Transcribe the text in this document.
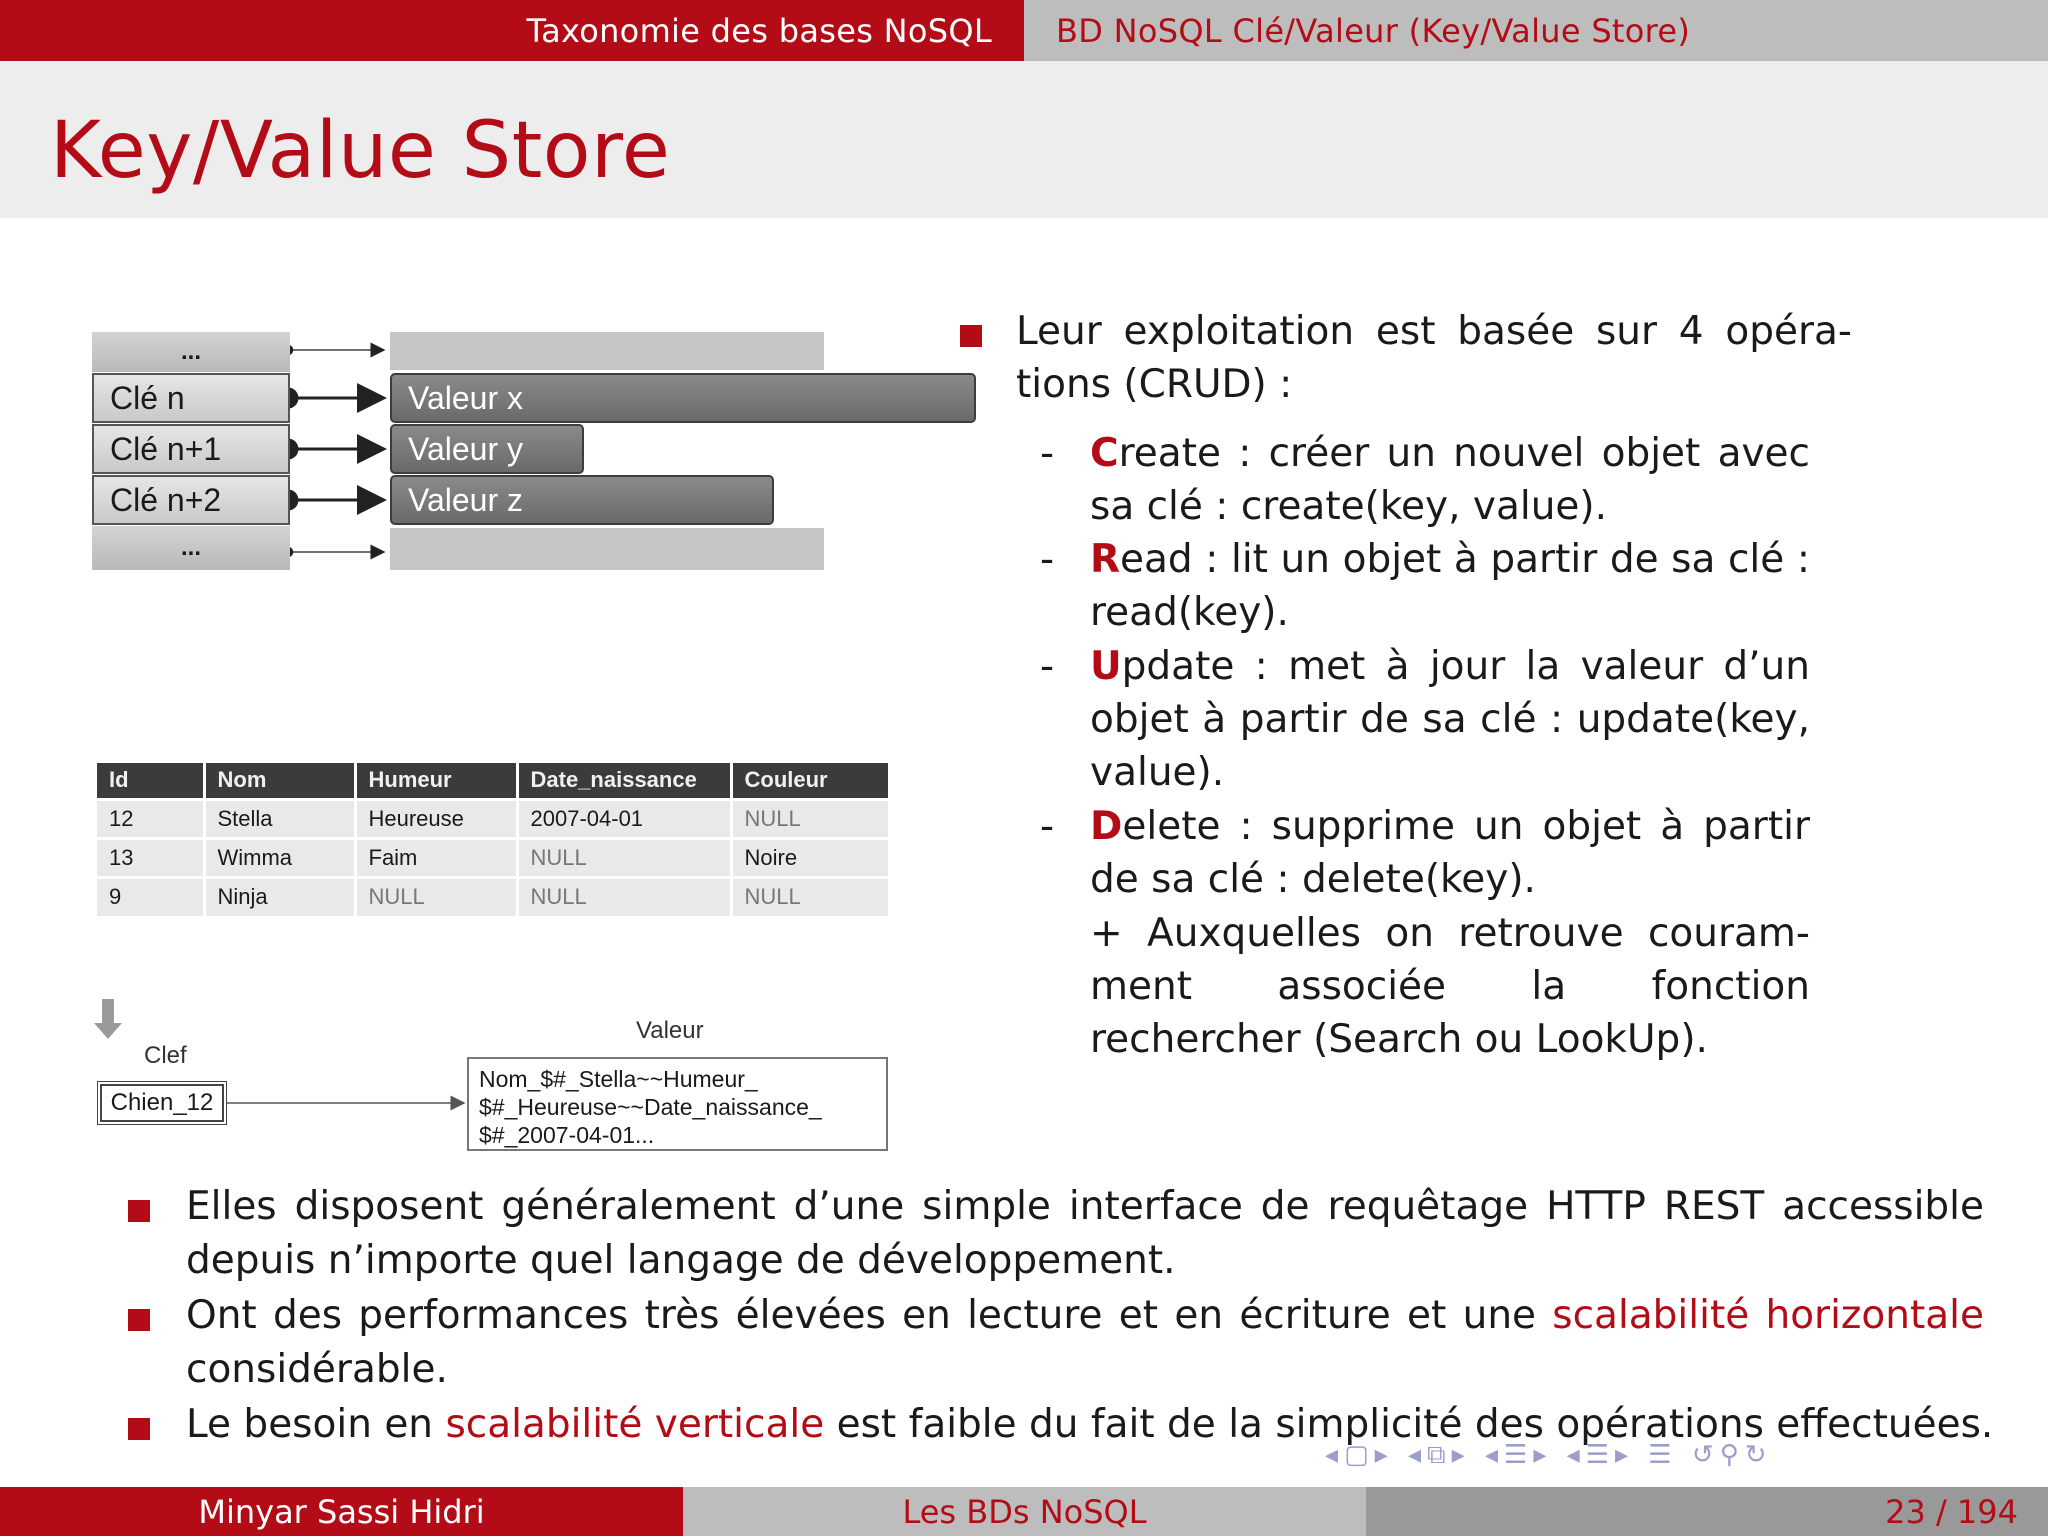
Taxonomie des bases NoSQL BD NoSQL Clé/Valeur (Key/Value Store)
Key/Value Store
...
Clé n
Clé n+1
Clé n+2
...
Valeur x
Valeur y
Valeur z
Id	Nom	Humeur	Date_naissance	Couleur
12	Stella	Heureuse	2007-04-01	NULL
13	Wimma	Faim	NULL	Noire
9	Ninja	NULL	NULL	NULL
Clef
Valeur
Chien_12
Nom_$#_Stella~~Humeur_
$#_Heureuse~~Date_naissance_
$#_2007-04-01...
Leur exploitation est basée sur 4 opéra- tions (CRUD) :
- Create : créer un nouvel objet avec sa clé : create(key, value).
- Read : lit un objet à partir de sa clé : read(key).
- Update : met à jour la valeur d’un objet à partir de sa clé : update(key, value).
- Delete : supprime un objet à partir de sa clé : delete(key).
+ Auxquelles on retrouve couram- ment associée la fonction rechercher (Search ou LookUp).
Elles disposent généralement d’une simple interface de requêtage HTTP REST accessible depuis n’importe quel langage de développement.
Ont des performances très élevées en lecture et en écriture et une scalabilité horizontale considérable.
Le besoin en scalabilité verticale est faible du fait de la simplicité des opérations effectuées.
◂▢▸ ◂⧉▸ ◂☰▸ ◂☰▸ ☰ ↺⚲↻
Minyar Sassi Hidri	Les BDs NoSQL	23 / 194
